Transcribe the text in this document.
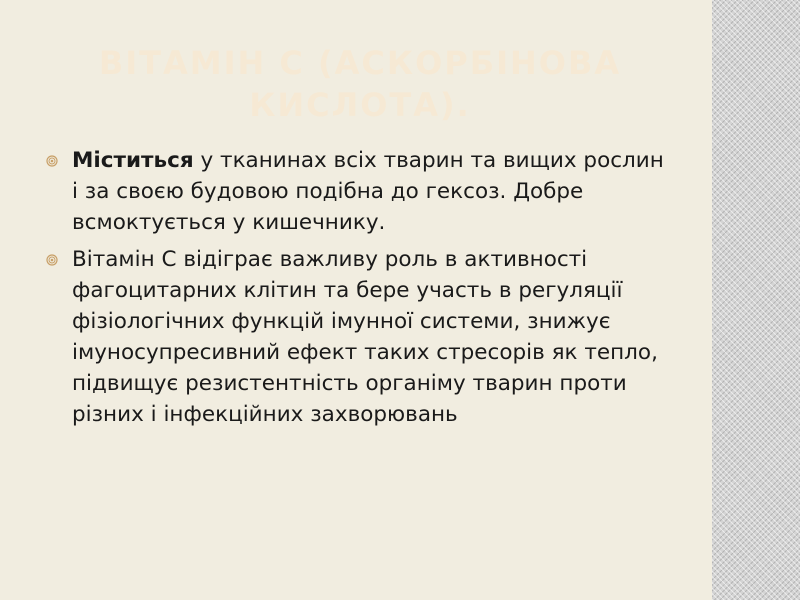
ВІТАМІН С (АСКОРБІНОВА КИСЛОТА).
Міститься у тканинах всіх тварин та вищих рослин і за своєю будовою подібна до гексоз. Добре всмоктується у кишечнику.
Вітамін С відіграє важливу роль в активності фагоцитарних клітин та бере участь в регуляції фізіологічних функцій імунної системи, знижує імуносупресивний ефект таких стресорів як тепло, підвищує резистентність органіму тварин проти різних і інфекційних захворювань
